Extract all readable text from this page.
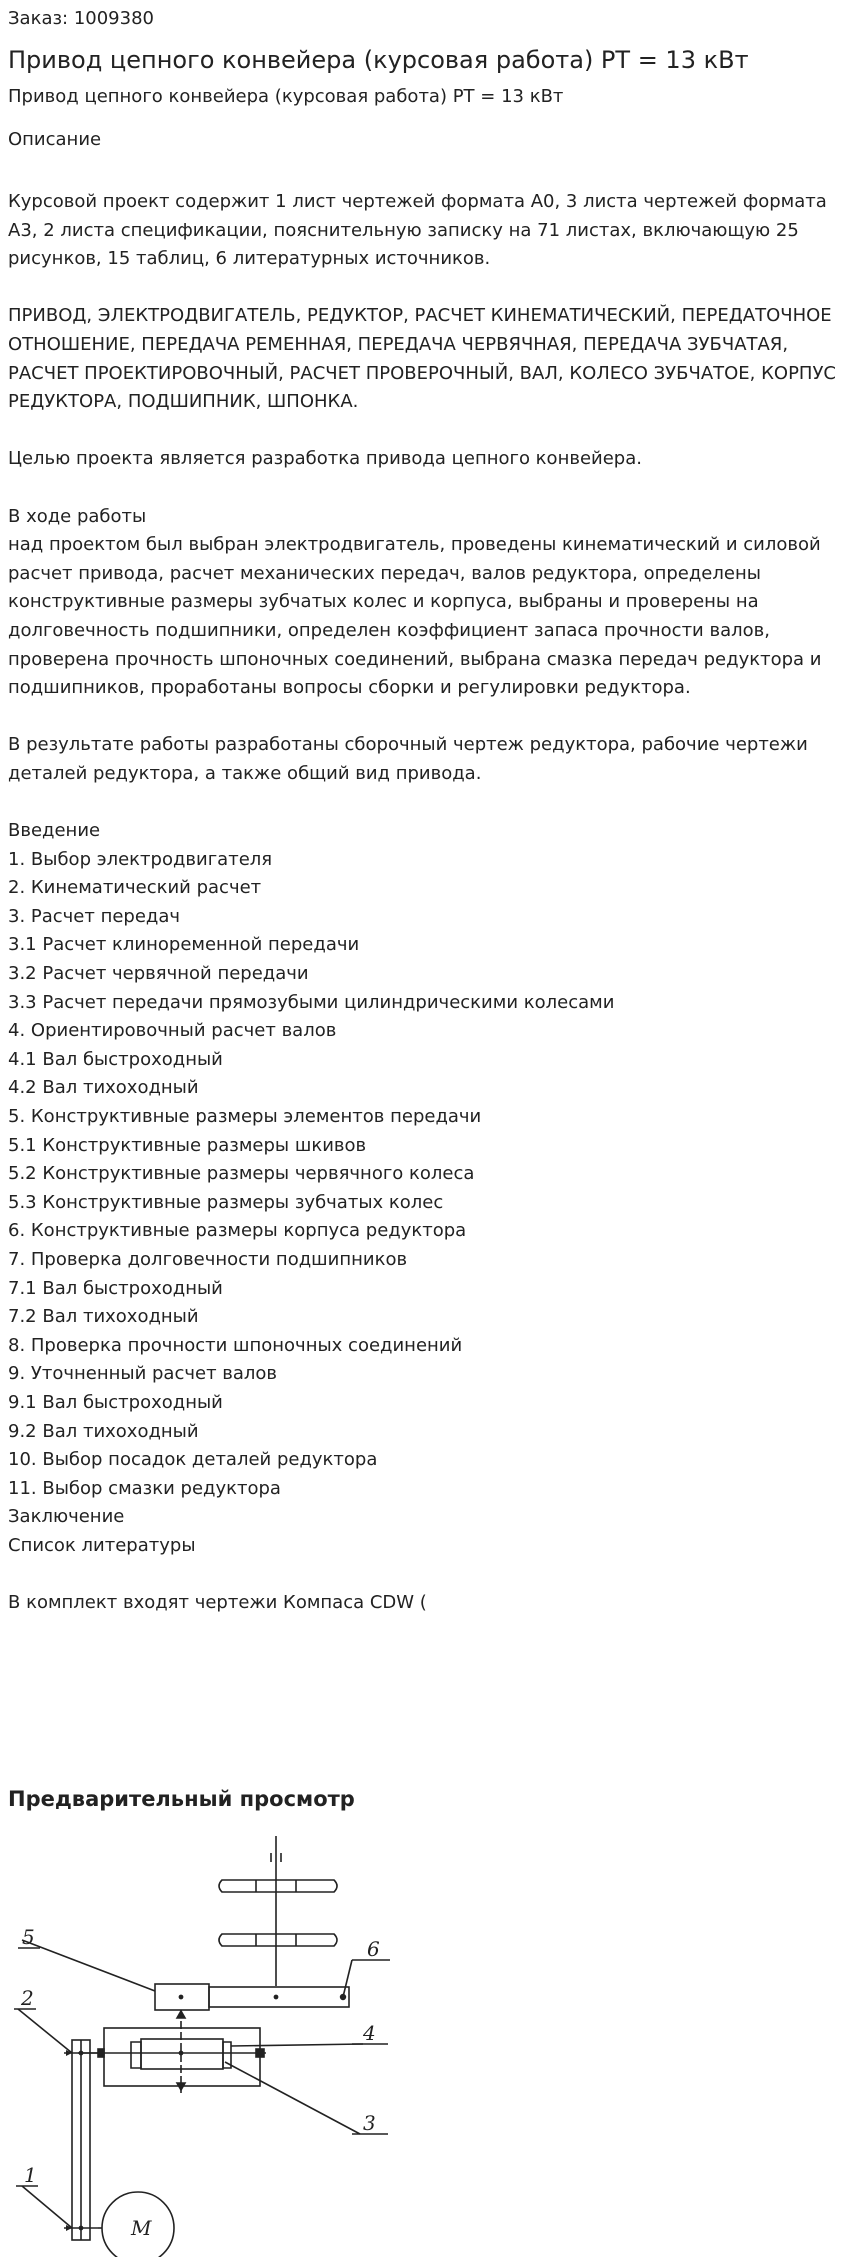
Заказ: 1009380
Привод цепного конвейера (курсовая работа) РТ = 13 кВт
Привод цепного конвейера (курсовая работа) РТ = 13 кВт
Описание

Курсовой проект содержит 1 лист чертежей формата А0, 3 листа чертежей формата А3, 2 листа спецификации, пояснительную записку на 71 листах, включающую 25 рисунков, 15 таблиц, 6 литературных источников.

ПРИВОД, ЭЛЕКТРОДВИГАТЕЛЬ, РЕДУКТОР, РАСЧЕТ КИНЕМАТИЧЕСКИЙ, ПЕРЕДАТОЧНОЕ ОТНОШЕНИЕ, ПЕРЕДАЧА РЕМЕННАЯ, ПЕРЕДАЧА ЧЕРВЯЧНАЯ, ПЕРЕДАЧА ЗУБЧАТАЯ, РАСЧЕТ ПРОЕКТИРОВОЧНЫЙ, РАСЧЕТ ПРОВЕРОЧНЫЙ, ВАЛ, КОЛЕСО ЗУБЧАТОЕ, КОРПУС РЕДУКТОРА, ПОДШИПНИК, ШПОНКА.

Целью проекта является разработка привода цепного конвейера.

В ходе работы

над проектом был выбран электродвигатель, проведены кинематический и силовой расчет привода, расчет механических передач, валов редуктора, определены конструктивные размеры зубчатых колес и корпуса, выбраны и проверены на долговечность подшипники, определен коэффициент запаса прочности валов, проверена прочность шпоночных соединений, выбрана смазка передач редуктора и подшипников, проработаны вопросы сборки и регулировки редуктора.

В результате работы разработаны сборочный чертеж редуктора, рабочие чертежи деталей редуктора, а также общий вид привода.

Введение
1. Выбор электродвигателя
2. Кинематический расчет
3. Расчет передач
3.1 Расчет клиноременной передачи
3.2 Расчет червячной передачи
3.3 Расчет передачи прямозубыми цилиндрическими колесами
4. Ориентировочный расчет валов
4.1 Вал быстроходный
4.2 Вал тихоходный
5. Конструктивные размеры элементов передачи
5.1 Конструктивные размеры шкивов
5.2 Конструктивные размеры червячного колеса
5.3 Конструктивные размеры зубчатых колес
6. Конструктивные размеры корпуса редуктора
7. Проверка долговечности подшипников
7.1 Вал быстроходный
7.2 Вал тихоходный
8. Проверка прочности шпоночных соединений
9. Уточненный расчет валов
9.1 Вал быстроходный
9.2 Вал тихоходный
10. Выбор посадок деталей редуктора
11. Выбор смазки редуктора
Заключение
Список литературы

В комплект входят чертежи Компаса CDW (

Предварительный просмотр
5	6
4
3
2
1
M
